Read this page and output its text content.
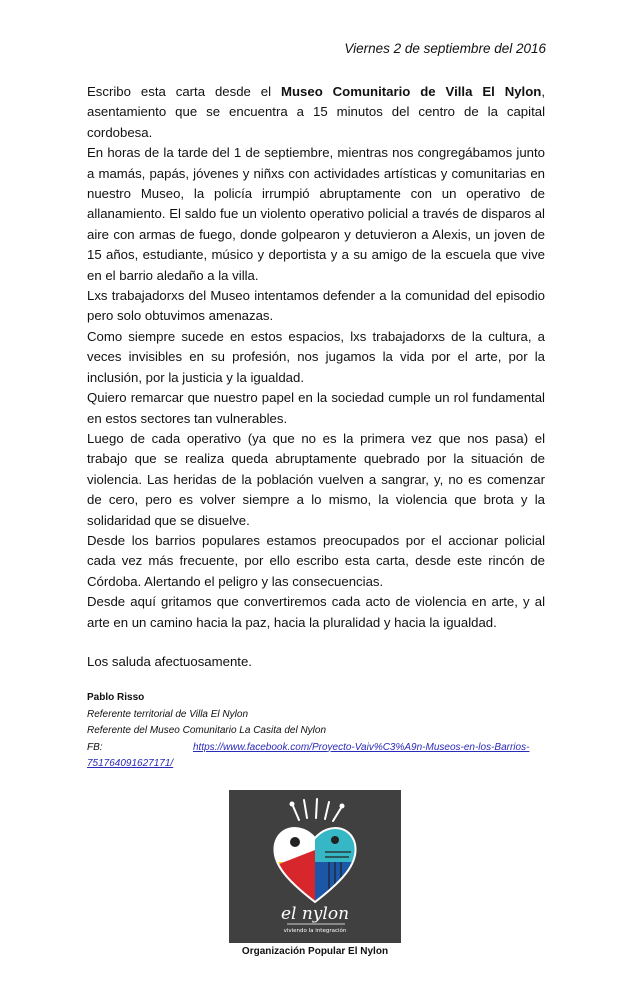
Viernes 2 de septiembre del 2016

Escribo esta carta desde el Museo Comunitario de Villa El Nylon, asentamiento que se encuentra a 15 minutos del centro de la capital cordobesa.

En horas de la tarde del 1 de septiembre, mientras nos congregábamos junto a mamás, papás, jóvenes y niñxs con actividades artísticas y comunitarias en nuestro Museo, la policía irrumpió abruptamente con un operativo de allanamiento. El saldo fue un violento operativo policial a través de disparos al aire con armas de fuego, donde golpearon y detuvieron a Alexis, un joven de 15 años, estudiante, músico y deportista y a su amigo de la escuela que vive en el barrio aledaño a la villa.

Lxs trabajadorxs del Museo intentamos defender a la comunidad del episodio pero solo obtuvimos amenazas.

Como siempre sucede en estos espacios, lxs trabajadorxs de la cultura, a veces invisibles en su profesión, nos jugamos la vida por el arte, por la inclusión, por la justicia y la igualdad.

Quiero remarcar que nuestro papel en la sociedad cumple un rol fundamental en estos sectores tan vulnerables.

Luego de cada operativo (ya que no es la primera vez que nos pasa) el trabajo que se realiza queda abruptamente quebrado por la situación de violencia. Las heridas de la población vuelven a sangrar, y, no es comenzar de cero, pero es volver siempre a lo mismo, la violencia que brota y la solidaridad que se disuelve.

Desde los barrios populares estamos preocupados por el accionar policial cada vez más frecuente, por ello escribo esta carta, desde este rincón de Córdoba. Alertando el peligro y las consecuencias.

Desde aquí gritamos que convertiremos cada acto de violencia en arte, y al arte en un camino hacia la paz, hacia la pluralidad y hacia la igualdad.

Los saluda afectuosamente.
Pablo Risso
Referente territorial de Villa El Nylon
Referente del Museo Comunitario La Casita del Nylon
FB:	https://www.facebook.com/Proyecto-Vaiv%C3%A9n-Museos-en-los-Barrios-751764091627171/
el nylon
viviendo la integración
Organización Popular El Nylon
